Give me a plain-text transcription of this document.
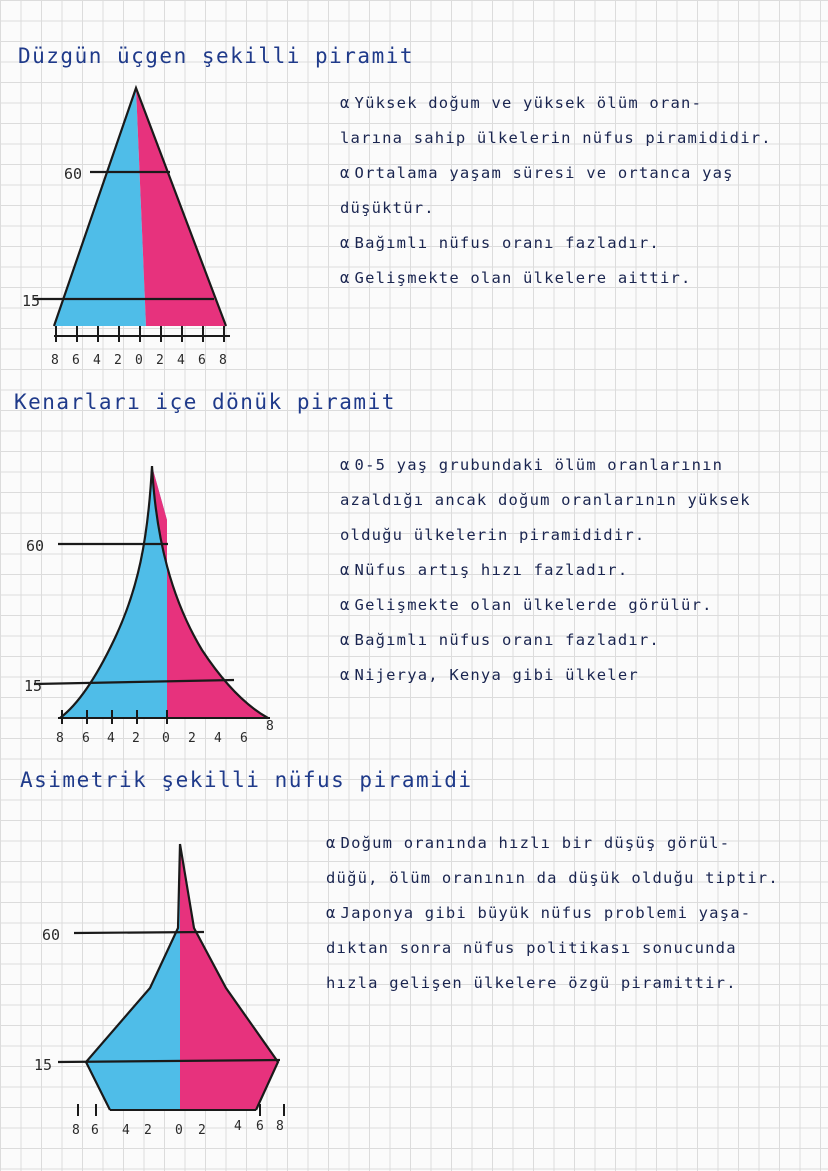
Düzgün üçgen şekilli piramit
60
15
8 6 4 2 0 2 4 6 8
α Yüksek doğum ve yüksek ölüm oran-
larına sahip ülkelerin nüfus piramididir.
α Ortalama yaşam süresi ve ortanca yaş
düşüktür.
α Bağımlı nüfus oranı fazladır.
α Gelişmekte olan ülkelere aittir.
Kenarları içe dönük piramit
60
15
8 6 4 2 0 2 4 6
8
α 0-5 yaş grubundaki ölüm oranlarının
azaldığı ancak doğum oranlarının yüksek
olduğu ülkelerin piramididir.
α Nüfus artış hızı fazladır.
α Gelişmekte olan ülkelerde görülür.
α Bağımlı nüfus oranı fazladır.
α Nijerya, Kenya gibi ülkeler
Asimetrik şekilli nüfus piramidi
60
15
8 6 4 2 0 2 4 6 8
α Doğum oranında hızlı bir düşüş görül-
düğü, ölüm oranının da düşük olduğu tiptir.
α Japonya gibi büyük nüfus problemi yaşa-
dıktan sonra nüfus politikası sonucunda
hızla gelişen ülkelere özgü piramittir.
